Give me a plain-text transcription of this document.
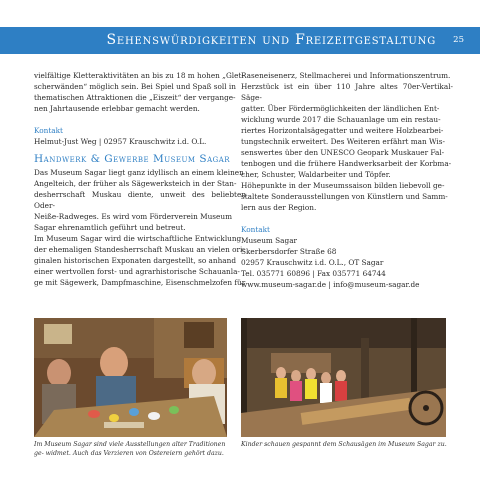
Sehenswürdigkeiten und Freizeitgestaltung 25

vielfältige Kletteraktivitäten an bis zu 18 m hohen „Glet-

scherwänden“ möglich sein. Bei Spiel und Spaß soll in

thematischen Attraktionen die „Eiszeit“ der vergange-

nen Jahrtausende erlebbar gemacht werden.

Kontakt

Helmut-Just Weg | 02957 Krauschwitz i.d. O.L.

Handwerk & Gewerbe Museum Sagar

Das Museum Sagar liegt ganz idyllisch an einem kleinen

Angelteich, der früher als Sägewerksteich in der Stan-

desherrschaft Muskau diente, unweit des beliebten Oder-

Neiße-Radweges. Es wird vom Förderverein Museum

Sagar ehrenamtlich geführt und betreut.

Im Museum Sagar wird die wirtschaftliche Entwicklung

der ehemaligen Standesherrschaft Muskau an vielen ori-

ginalen historischen Exponaten dargestellt, so anhand

einer wertvollen forst- und agrarhistorische Schauanla-

ge mit Sägewerk, Dampfmaschine, Eisenschmelzofen für

Raseneisenerz, Stellmacherei und Informationszentrum.

Herzstück ist ein über 110 Jahre altes 70er-Vertikal-Säge-

gatter. Über Fördermöglichkeiten der ländlichen Ent-

wicklung wurde 2017 die Schauanlage um ein restau-

riertes Horizontalsägegatter und weitere Holzbearbei-

tungstechnik erweitert. Des Weiteren erfährt man Wis-

senswertes über den UNESCO Geopark Muskauer Fal-

tenbogen und die frühere Handwerksarbeit der Korbma-

cher, Schuster, Waldarbeiter und Töpfer.

Höhepunkte in der Museumssaison bilden liebevoll ge-

staltete Sonderausstellungen von Künstlern und Samm-

lern aus der Region.

Kontakt

Museum Sagar

Skerbersdorfer Straße 68

02957 Krauschwitz i.d. O.L., OT Sagar

Tel. 035771 60896 | Fax 035771 64744

www.museum-sagar.de | info@museum-sagar.de

Im Museum Sagar sind viele Ausstellungen alter Traditionen ge- widmet. Auch das Verzieren von Ostereiern gehört dazu.
Kinder schauen gespannt dem Schausägen im Museum Sagar zu.
